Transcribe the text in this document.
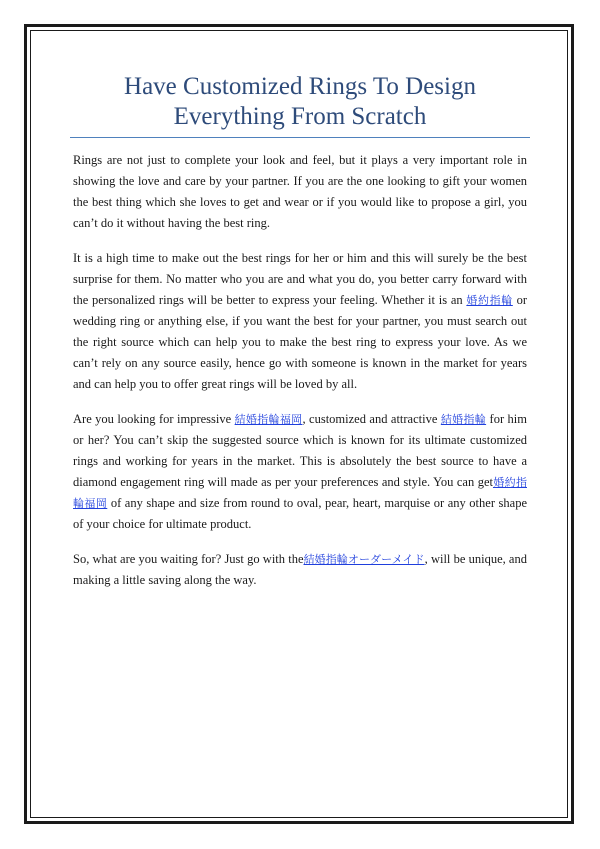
Have Customized Rings To Design Everything From Scratch

Rings are not just to complete your look and feel, but it plays a very important role in showing the love and care by your partner. If you are the one looking to gift your women the best thing which she loves to get and wear or if you would like to propose a girl, you can’t do it without having the best ring.

It is a high time to make out the best rings for her or him and this will surely be the best surprise for them. No matter who you are and what you do, you better carry forward with the personalized rings will be better to express your feeling. Whether it is an 婚約指輪 or wedding ring or anything else, if you want the best for your partner, you must search out the right source which can help you to make the best ring to express your love. As we can’t rely on any source easily, hence go with someone is known in the market for years and can help you to offer great rings will be loved by all.

Are you looking for impressive 結婚指輪福岡, customized and attractive 結婚指輪 for him or her? You can’t skip the suggested source which is known for its ultimate customized rings and working for years in the market. This is absolutely the best source to have a diamond engagement ring will made as per your preferences and style. You can get婚約指輪福岡 of any shape and size from round to oval, pear, heart, marquise or any other shape of your choice for ultimate product.

So, what are you waiting for? Just go with the結婚指輪オーダーメイド, will be unique, and making a little saving along the way.
